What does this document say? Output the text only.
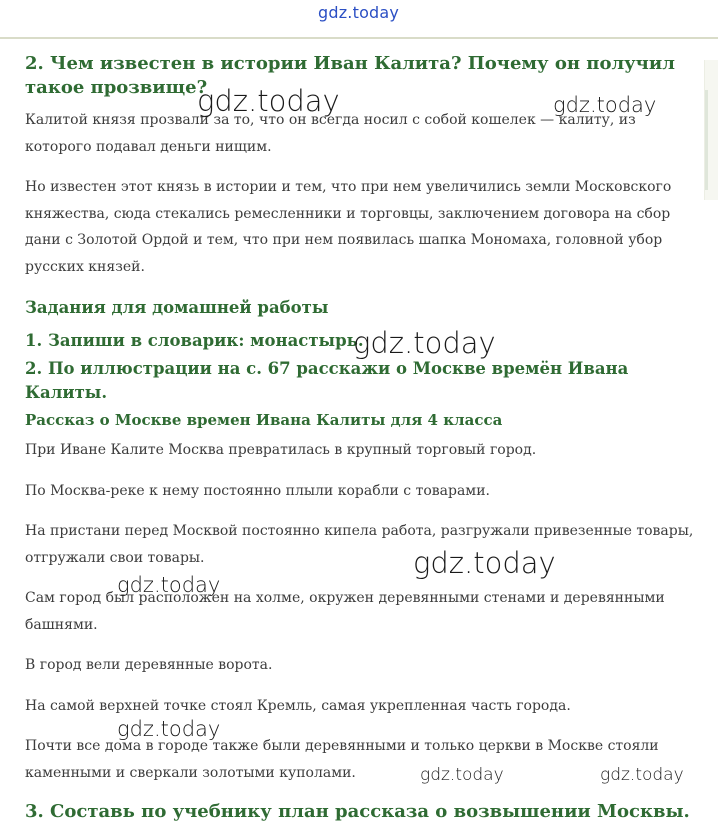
gdz.today
2. Чем известен в истории Иван Калита? Почему он получил такое прозвище?

Калитой князя прозвали за то, что он всегда носил с собой кошелек — калиту, из которого подавал деньги нищим.

Но известен этот князь в истории и тем, что при нем увеличились земли Московского княжества, сюда стекались ремесленники и торговцы, заключением договора на сбор дани с Золотой Ордой и тем, что при нем появилась шапка Мономаха, головной убор русских князей.

Задания для домашней работы
1. Запиши в словарик: монастырь.
2. По иллюстрации на с. 67 расскажи о Москве времён Ивана Калиты.
Рассказ о Москве времен Ивана Калиты для 4 класса

При Иване Калите Москва превратилась в крупный торговый город.

По Москва-реке к нему постоянно плыли корабли с товарами.

На пристани перед Москвой постоянно кипела работа, разгружали привезенные товары, отгружали свои товары.

Сам город был расположен на холме, окружен деревянными стенами и деревянными башнями.

В город вели деревянные ворота.

На самой верхней точке стоял Кремль, самая укрепленная часть города.

Почти все дома в городе также были деревянными и только церкви в Москве стояли каменными и сверкали золотыми куполами.

3. Составь по учебнику план рассказа о возвышении Москвы.
gdz.today	gdz.today
gdz.today
gdz.today
gdz.today
gdz.today
gdz.today	gdz.today
